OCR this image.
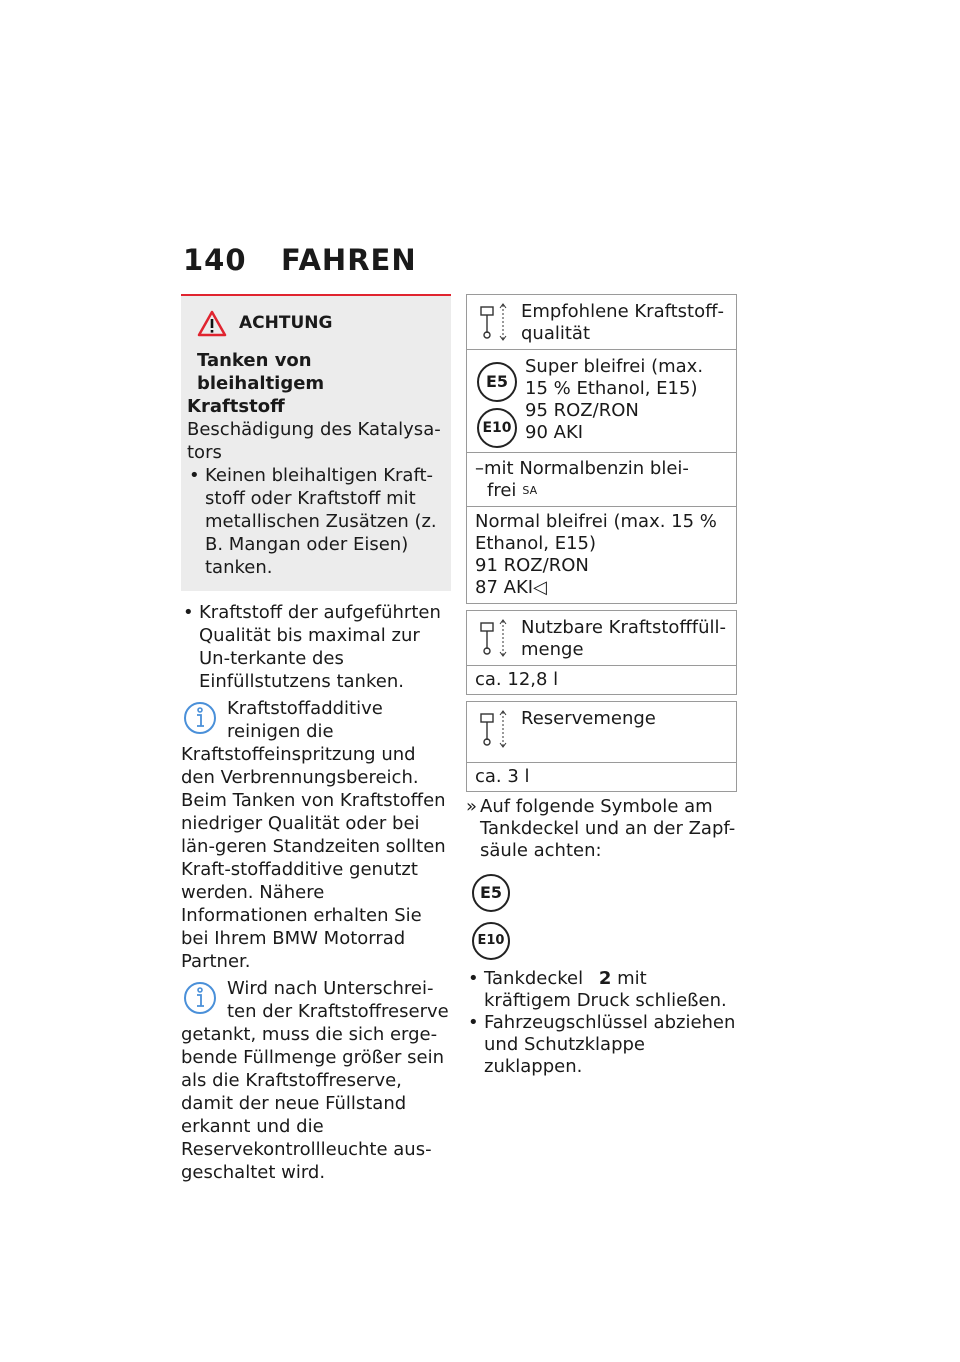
140 FAHREN
ACHTUNG
Tanken von bleihaltigem
Kraftstoff
Beschädigung des Katalysa-
tors
• Keinen bleihaltigen Kraft-stoff oder Kraftstoff mit metallischen Zusätzen (z. B. Mangan oder Eisen) tanken.
• Kraftstoff der aufgeführten Qualität bis maximal zur Un-terkante des Einfüllstutzens tanken.
Kraftstoffadditive reinigen die Kraftstoffeinspritzung und den Verbrennungsbereich. Beim Tanken von Kraftstoffen niedriger Qualität oder bei län-geren Standzeiten sollten Kraft-stoffadditive genutzt werden. Nähere Informationen erhalten Sie bei Ihrem BMW Motorrad Partner.
Wird nach Unterschrei-ten der Kraftstoffreserve getankt, muss die sich erge-bende Füllmenge größer sein als die Kraftstoffreserve, damit der neue Füllstand erkannt und die Reservekontrollleuchte aus-geschaltet wird.
Empfohlene Kraftstoff-
qualität
E5
E10
Super bleifrei (max.
15 % Ethanol, E15)
95 ROZ/RON
90 AKI
–mit Normalbenzin blei-
frei $^{SA}$
Normal bleifrei (max. 15 %
Ethanol, E15)
91 ROZ/RON
87 AKI◁
Nutzbare Kraftstofffüll-
menge
ca. 12,8 l
Reservemenge
ca. 3 l
» Auf folgende Symbole am Tankdeckel und an der Zapf-säule achten:
E5
E10
• Tankdeckel 2 mit kräftigem Druck schließen.
• Fahrzeugschlüssel abziehen und Schutzklappe zuklappen.
